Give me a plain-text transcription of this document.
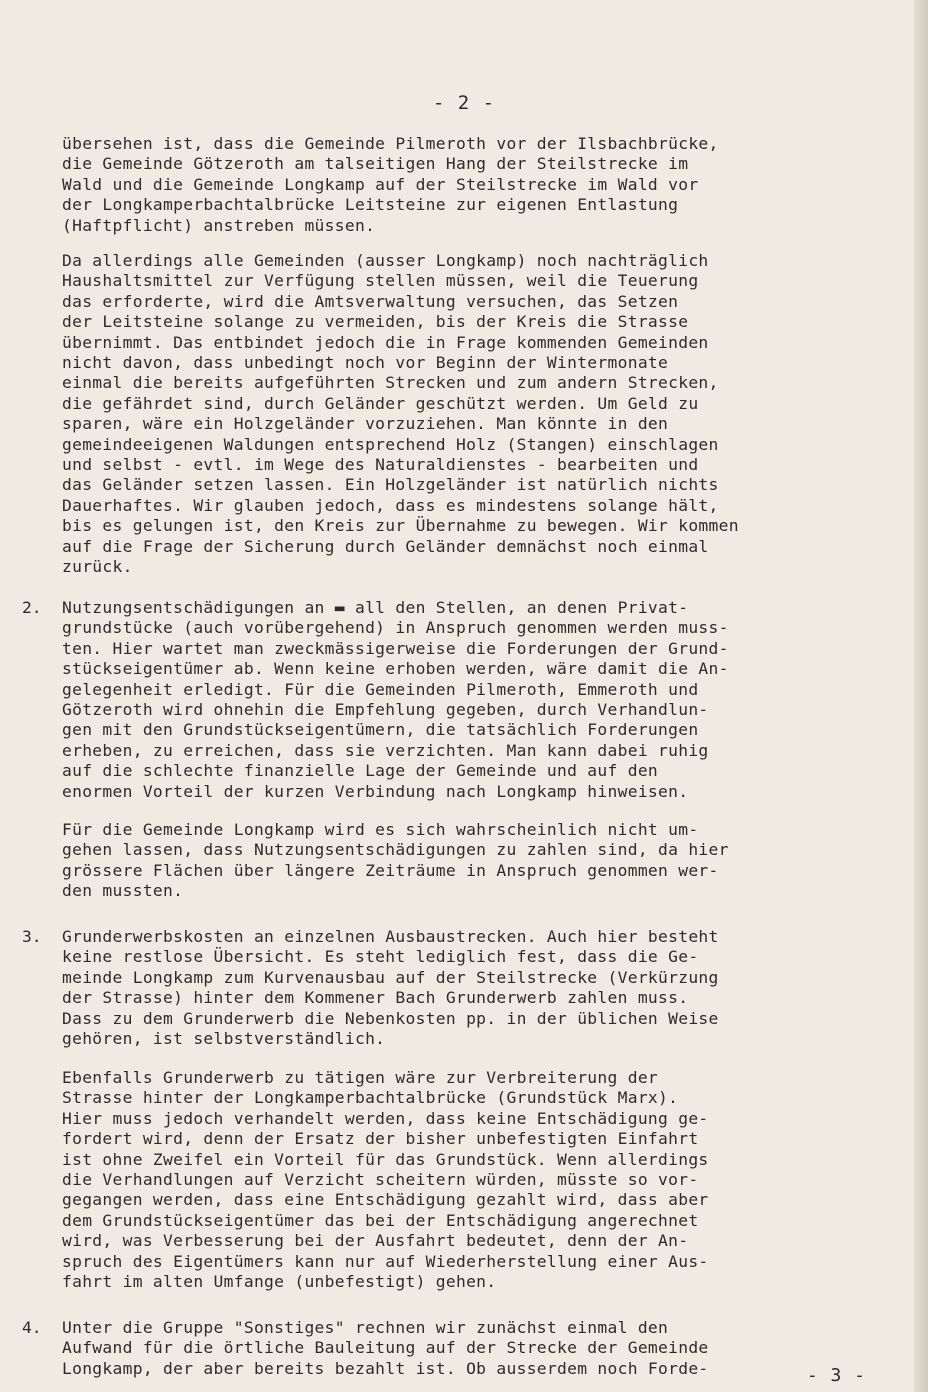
- 2 -
übersehen ist, dass die Gemeinde Pilmeroth vor der Ilsbachbrücke,
die Gemeinde Götzeroth am talseitigen Hang der Steilstrecke im
Wald und die Gemeinde Longkamp auf der Steilstrecke im Wald vor
der Longkamperbachtalbrücke Leitsteine zur eigenen Entlastung
(Haftpflicht) anstreben müssen.
Da allerdings alle Gemeinden (ausser Longkamp) noch nachträglich
Haushaltsmittel zur Verfügung stellen müssen, weil die Teuerung
das erforderte, wird die Amtsverwaltung versuchen, das Setzen
der Leitsteine solange zu vermeiden, bis der Kreis die Strasse
übernimmt. Das entbindet jedoch die in Frage kommenden Gemeinden
nicht davon, dass unbedingt noch vor Beginn der Wintermonate
einmal die bereits aufgeführten Strecken und zum andern Strecken,
die gefährdet sind, durch Geländer geschützt werden. Um Geld zu
sparen, wäre ein Holzgeländer vorzuziehen. Man könnte in den
gemeindeeigenen Waldungen entsprechend Holz (Stangen) einschlagen
und selbst - evtl. im Wege des Naturaldienstes - bearbeiten und
das Geländer setzen lassen. Ein Holzgeländer ist natürlich nichts
Dauerhaftes. Wir glauben jedoch, dass es mindestens solange hält,
bis es gelungen ist, den Kreis zur Übernahme zu bewegen. Wir kommen
auf die Frage der Sicherung durch Geländer demnächst noch einmal
zurück.
2. Nutzungsentschädigungen an ▬ all den Stellen, an denen Privat-
grundstücke (auch vorübergehend) in Anspruch genommen werden muss-
ten. Hier wartet man zweckmässigerweise die Forderungen der Grund-
stückseigentümer ab. Wenn keine erhoben werden, wäre damit die An-
gelegenheit erledigt. Für die Gemeinden Pilmeroth, Emmeroth und
Götzeroth wird ohnehin die Empfehlung gegeben, durch Verhandlun-
gen mit den Grundstückseigentümern, die tatsächlich Forderungen
erheben, zu erreichen, dass sie verzichten. Man kann dabei ruhig
auf die schlechte finanzielle Lage der Gemeinde und auf den
enormen Vorteil der kurzen Verbindung nach Longkamp hinweisen.
Für die Gemeinde Longkamp wird es sich wahrscheinlich nicht um-
gehen lassen, dass Nutzungsentschädigungen zu zahlen sind, da hier
grössere Flächen über längere Zeiträume in Anspruch genommen wer-
den mussten.
3. Grunderwerbskosten an einzelnen Ausbaustrecken. Auch hier besteht
keine restlose Übersicht. Es steht lediglich fest, dass die Ge-
meinde Longkamp zum Kurvenausbau auf der Steilstrecke (Verkürzung
der Strasse) hinter dem Kommener Bach Grunderwerb zahlen muss.
Dass zu dem Grunderwerb die Nebenkosten pp. in der üblichen Weise
gehören, ist selbstverständlich.
Ebenfalls Grunderwerb zu tätigen wäre zur Verbreiterung der
Strasse hinter der Longkamperbachtalbrücke (Grundstück Marx).
Hier muss jedoch verhandelt werden, dass keine Entschädigung ge-
fordert wird, denn der Ersatz der bisher unbefestigten Einfahrt
ist ohne Zweifel ein Vorteil für das Grundstück. Wenn allerdings
die Verhandlungen auf Verzicht scheitern würden, müsste so vor-
gegangen werden, dass eine Entschädigung gezahlt wird, dass aber
dem Grundstückseigentümer das bei der Entschädigung angerechnet
wird, was Verbesserung bei der Ausfahrt bedeutet, denn der An-
spruch des Eigentümers kann nur auf Wiederherstellung einer Aus-
fahrt im alten Umfange (unbefestigt) gehen.
4. Unter die Gruppe "Sonstiges" rechnen wir zunächst einmal den
Aufwand für die örtliche Bauleitung auf der Strecke der Gemeinde
Longkamp, der aber bereits bezahlt ist. Ob ausserdem noch Forde-	- 3 -
